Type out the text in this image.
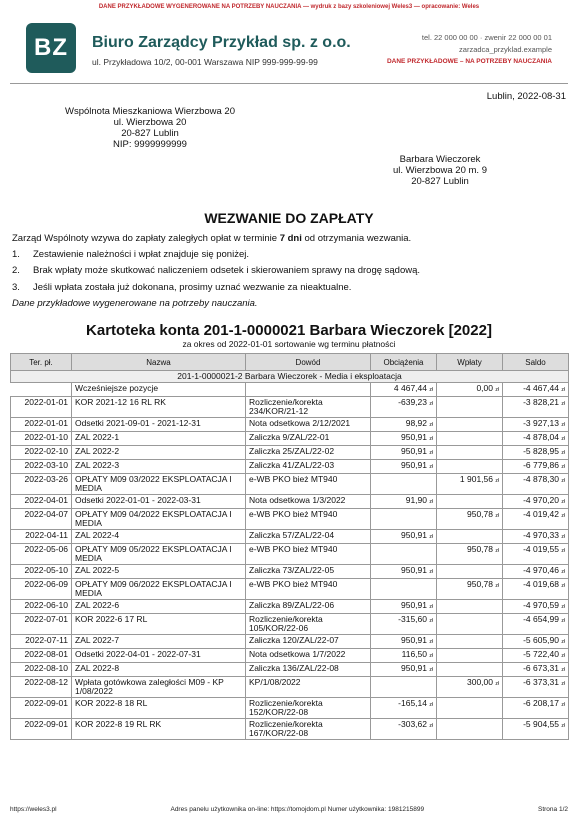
DANE PRZYKŁADOWE WYGENEROWANE NA POTRZEBY NAUCZANIA — wydruk z bazy szkoleniowej Weles3 — opracowanie: Weles
BZ	Biuro Zarządcy Przykład sp. z o.o.
ul. Przykładowa 10/2, 00-001 Warszawa NIP 999-999-99-99
tel. 22 000 00 00 · zwenir 22 000 00 01
zarzadca_przyklad.example
DANE PRZYKŁADOWE – NA POTRZEBY NAUCZANIA
Lublin, 2022-08-31
Wspólnota Mieszkaniowa Wierzbowa 20
ul. Wierzbowa 20
20-827 Lublin
NIP: 9999999999
Barbara Wieczorek
ul. Wierzbowa 20 m. 9
20-827 Lublin
WEZWANIE DO ZAPŁATY
Zarząd Wspólnoty wzywa do zapłaty zaległych opłat w terminie 7 dni od otrzymania wezwania.
1. Zestawienie należności i wpłat znajduje się poniżej.
2. Brak wpłaty może skutkować naliczeniem odsetek i skierowaniem sprawy na drogę sądową.
3. Jeśli wpłata została już dokonana, prosimy uznać wezwanie za nieaktualne.
Dane przykładowe wygenerowane na potrzeby nauczania.
Kartoteka konta 201-1-0000021 Barbara Wieczorek [2022]
za okres od 2022-01-01 sortowanie wg terminu płatności
Ter. pł.	Nazwa	Dowód	Obciążenia	Wpłaty	Saldo
201-1-0000021-2 Barbara Wieczorek - Media i eksploatacja					
	Wcześniejsze pozycje		4 467,44 zł	0,00 zł	-4 467,44 zł
2022-01-01	KOR 2021-12 16 RL RK	Rozliczenie/korekta 234/KOR/21-12	-639,23 zł		-3 828,21 zł
2022-01-01	Odsetki 2021-09-01 - 2021-12-31	Nota odsetkowa 2/12/2021	98,92 zł		-3 927,13 zł
2022-01-10	ZAL 2022-1	Zaliczka 9/ZAL/22-01	950,91 zł		-4 878,04 zł
2022-02-10	ZAL 2022-2	Zaliczka 25/ZAL/22-02	950,91 zł		-5 828,95 zł
2022-03-10	ZAL 2022-3	Zaliczka 41/ZAL/22-03	950,91 zł		-6 779,86 zł
2022-03-26	OPŁATY M09 03/2022 EKSPLOATACJA I MEDIA	e-WB PKO bież MT940		1 901,56 zł	-4 878,30 zł
2022-04-01	Odsetki 2022-01-01 - 2022-03-31	Nota odsetkowa 1/3/2022	91,90 zł		-4 970,20 zł
2022-04-07	OPŁATY M09 04/2022 EKSPLOATACJA I MEDIA	e-WB PKO bież MT940		950,78 zł	-4 019,42 zł
2022-04-11	ZAL 2022-4	Zaliczka 57/ZAL/22-04	950,91 zł		-4 970,33 zł
2022-05-06	OPŁATY M09 05/2022 EKSPLOATACJA I MEDIA	e-WB PKO bież MT940		950,78 zł	-4 019,55 zł
2022-05-10	ZAL 2022-5	Zaliczka 73/ZAL/22-05	950,91 zł		-4 970,46 zł
2022-06-09	OPŁATY M09 06/2022 EKSPLOATACJA I MEDIA	e-WB PKO bież MT940		950,78 zł	-4 019,68 zł
2022-06-10	ZAL 2022-6	Zaliczka 89/ZAL/22-06	950,91 zł		-4 970,59 zł
2022-07-01	KOR 2022-6 17 RL	Rozliczenie/korekta 105/KOR/22-06	-315,60 zł		-4 654,99 zł
2022-07-11	ZAL 2022-7	Zaliczka 120/ZAL/22-07	950,91 zł		-5 605,90 zł
2022-08-01	Odsetki 2022-04-01 - 2022-07-31	Nota odsetkowa 1/7/2022	116,50 zł		-5 722,40 zł
2022-08-10	ZAL 2022-8	Zaliczka 136/ZAL/22-08	950,91 zł		-6 673,31 zł
2022-08-12	Wpłata gotówkowa zaległości M09 - KP 1/08/2022	KP/1/08/2022		300,00 zł	-6 373,31 zł
2022-09-01	KOR 2022-8 18 RL	Rozliczenie/korekta 152/KOR/22-08	-165,14 zł		-6 208,17 zł
2022-09-01	KOR 2022-8 19 RL RK	Rozliczenie/korekta 167/KOR/22-08	-303,62 zł		-5 904,55 zł
https://weles3.pl	Adres panelu użytkownika on-line: https://tomojdom.pl Numer użytkownika: 1981215899	Strona 1/2
